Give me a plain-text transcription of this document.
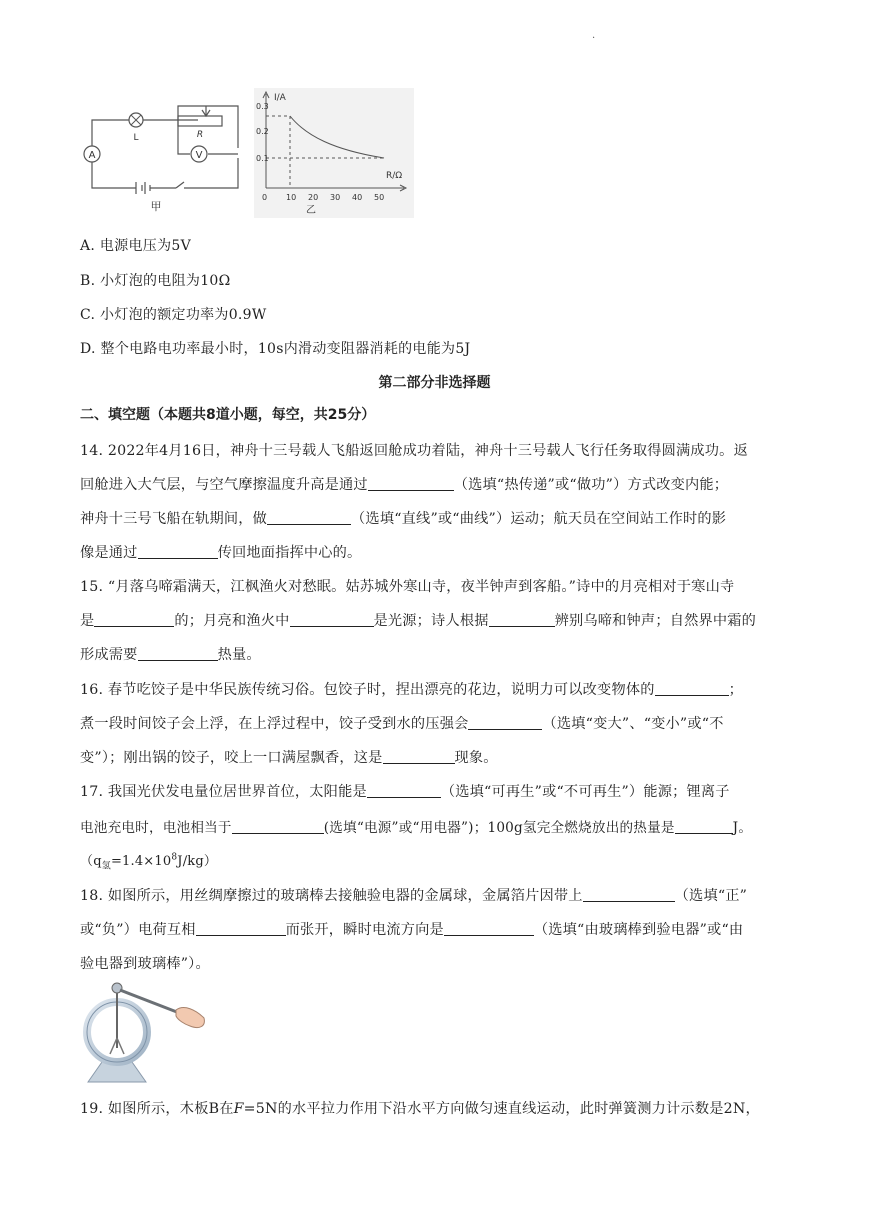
.
A
L	R
V
甲
I/A
R/Ω
0.3
0.2
0.1
0 10 20 30 40 50
乙
A. 电源电压为5V
B. 小灯泡的电阻为10Ω
C. 小灯泡的额定功率为0.9W
D. 整个电路电功率最小时，10s内滑动变阻器消耗的电能为5J
第二部分非选择题
二、填空题（本题共8道小题，每空，共25分）
14. 2022年4月16日，神舟十三号载人飞船返回舱成功着陆，神舟十三号载人飞行任务取得圆满成功。返
回舱进入大气层，与空气摩擦温度升高是通过	（选填“热传递”或“做功”）方式改变内能；
神舟十三号飞船在轨期间，做	（选填“直线”或“曲线”）运动；航天员在空间站工作时的影
像是通过	传回地面指挥中心的。
15. “月落乌啼霜满天，江枫渔火对愁眠。姑苏城外寒山寺，夜半钟声到客船。”诗中的月亮相对于寒山寺
是	的；月亮和渔火中	是光源；诗人根据	辨别乌啼和钟声；自然界中霜的
形成需要	热量。
16. 春节吃饺子是中华民族传统习俗。包饺子时，捏出漂亮的花边，说明力可以改变物体的	；
煮一段时间饺子会上浮，在上浮过程中，饺子受到水的压强会	（选填“变大”、“变小”或“不
变”）；刚出锅的饺子，咬上一口满屋飘香，这是	现象。
17. 我国光伏发电量位居世界首位，太阳能是	（选填“可再生”或“不可再生”）能源；锂离子
电池充电时，电池相当于	(选填“电源”或“用电器”)；100g氢完全燃烧放出的热量是	J。
$(q_氢=1.4\times 10^8J/kg)$
18. 如图所示，用丝绸摩擦过的玻璃棒去接触验电器的金属球，金属箔片因带上	（选填“正”
或“负”）电荷互相	而张开，瞬时电流方向是	（选填“由玻璃棒到验电器”或“由
验电器到玻璃棒”）。
19. 如图所示，木板B在F=5N的水平拉力作用下沿水平方向做匀速直线运动，此时弹簧测力计示数是2N，
